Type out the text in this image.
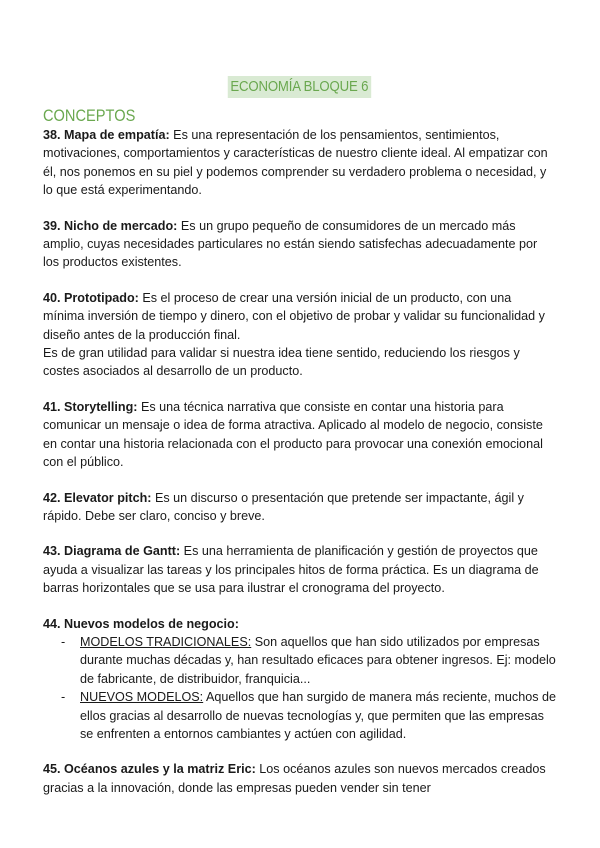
ECONOMÍA BLOQUE 6
CONCEPTOS

38. Mapa de empatía: Es una representación de los pensamientos, sentimientos, motivaciones, comportamientos y características de nuestro cliente ideal. Al empatizar con él, nos ponemos en su piel y podemos comprender su verdadero problema o necesidad, y lo que está experimentando.

39. Nicho de mercado: Es un grupo pequeño de consumidores de un mercado más amplio, cuyas necesidades particulares no están siendo satisfechas adecuadamente por los productos existentes.

40. Prototipado: Es el proceso de crear una versión inicial de un producto, con una mínima inversión de tiempo y dinero, con el objetivo de probar y validar su funcionalidad y diseño antes de la producción final.

Es de gran utilidad para validar si nuestra idea tiene sentido, reduciendo los riesgos y costes asociados al desarrollo de un producto.

41. Storytelling: Es una técnica narrativa que consiste en contar una historia para comunicar un mensaje o idea de forma atractiva. Aplicado al modelo de negocio, consiste en contar una historia relacionada con el producto para provocar una conexión emocional con el público.

42. Elevator pitch: Es un discurso o presentación que pretende ser impactante, ágil y rápido. Debe ser claro, conciso y breve.

43. Diagrama de Gantt: Es una herramienta de planificación y gestión de proyectos que ayuda a visualizar las tareas y los principales hitos de forma práctica. Es un diagrama de barras horizontales que se usa para ilustrar el cronograma del proyecto.

44. Nuevos modelos de negocio:

- MODELOS TRADICIONALES: Son aquellos que han sido utilizados por empresas durante muchas décadas y, han resultado eficaces para obtener ingresos. Ej: modelo de fabricante, de distribuidor, franquicia...
- NUEVOS MODELOS: Aquellos que han surgido de manera más reciente, muchos de ellos gracias al desarrollo de nuevas tecnologías y, que permiten que las empresas se enfrenten a entornos cambiantes y actúen con agilidad.

45. Océanos azules y la matriz Eric: Los océanos azules son nuevos mercados creados gracias a la innovación, donde las empresas pueden vender sin tener
